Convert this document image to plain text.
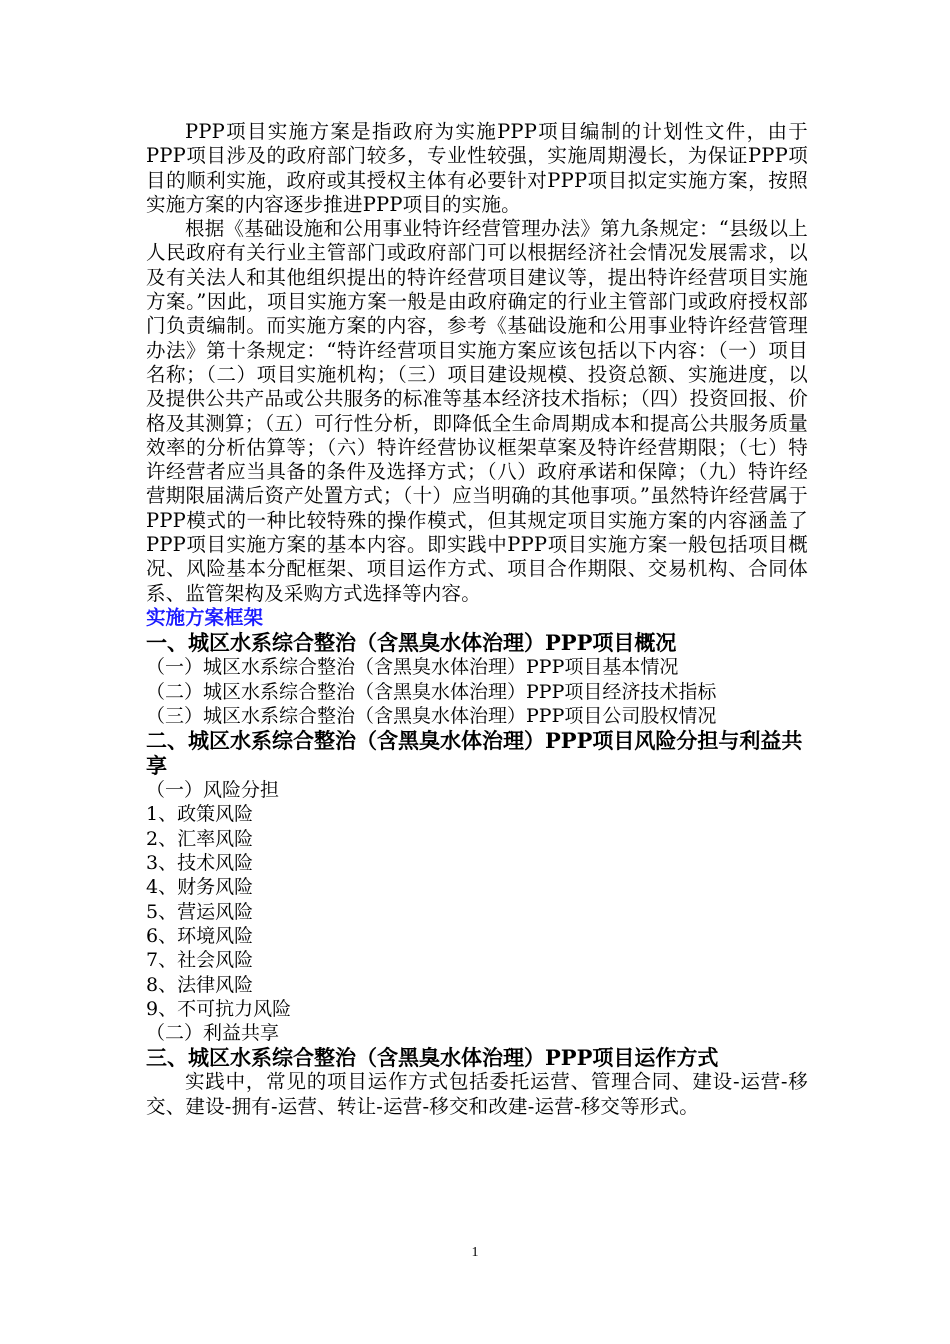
PPP项目实施方案是指政府为实施PPP项目编制的计划性文件，由于PPP项目涉及的政府部门较多，专业性较强，实施周期漫长，为保证PPP项目的顺利实施，政府或其授权主体有必要针对PPP项目拟定实施方案，按照实施方案的内容逐步推进PPP项目的实施。

根据《基础设施和公用事业特许经营管理办法》第九条规定：“县级以上人民政府有关行业主管部门或政府部门可以根据经济社会情况发展需求，以及有关法人和其他组织提出的特许经营项目建议等，提出特许经营项目实施方案。”因此，项目实施方案一般是由政府确定的行业主管部门或政府授权部门负责编制。而实施方案的内容，参考《基础设施和公用事业特许经营管理办法》第十条规定：“特许经营项目实施方案应该包括以下内容：（一）项目名称；（二）项目实施机构；（三）项目建设规模、投资总额、实施进度，以及提供公共产品或公共服务的标准等基本经济技术指标；（四）投资回报、价格及其测算；（五）可行性分析，即降低全生命周期成本和提高公共服务质量效率的分析估算等；（六）特许经营协议框架草案及特许经营期限；（七）特许经营者应当具备的条件及选择方式；（八）政府承诺和保障；（九）特许经营期限届满后资产处置方式；（十）应当明确的其他事项。”虽然特许经营属于PPP模式的一种比较特殊的操作模式，但其规定项目实施方案的内容涵盖了PPP项目实施方案的基本内容。即实践中PPP项目实施方案一般包括项目概况、风险基本分配框架、项目运作方式、项目合作期限、交易机构、合同体系、监管架构及采购方式选择等内容。

实施方案框架

一、城区水系综合整治（含黑臭水体治理）PPP项目概况

（一）城区水系综合整治（含黑臭水体治理）PPP项目基本情况

（二）城区水系综合整治（含黑臭水体治理）PPP项目经济技术指标

（三）城区水系综合整治（含黑臭水体治理）PPP项目公司股权情况

二、城区水系综合整治（含黑臭水体治理）PPP项目风险分担与利益共享

（一）风险分担

1、政策风险

2、汇率风险

3、技术风险

4、财务风险

5、营运风险

6、环境风险

7、社会风险

8、法律风险

9、不可抗力风险

（二）利益共享

三、城区水系综合整治（含黑臭水体治理）PPP项目运作方式

实践中，常见的项目运作方式包括委托运营、管理合同、建设-运营-移交、建设-拥有-运营、转让-运营-移交和改建-运营-移交等形式。

1
